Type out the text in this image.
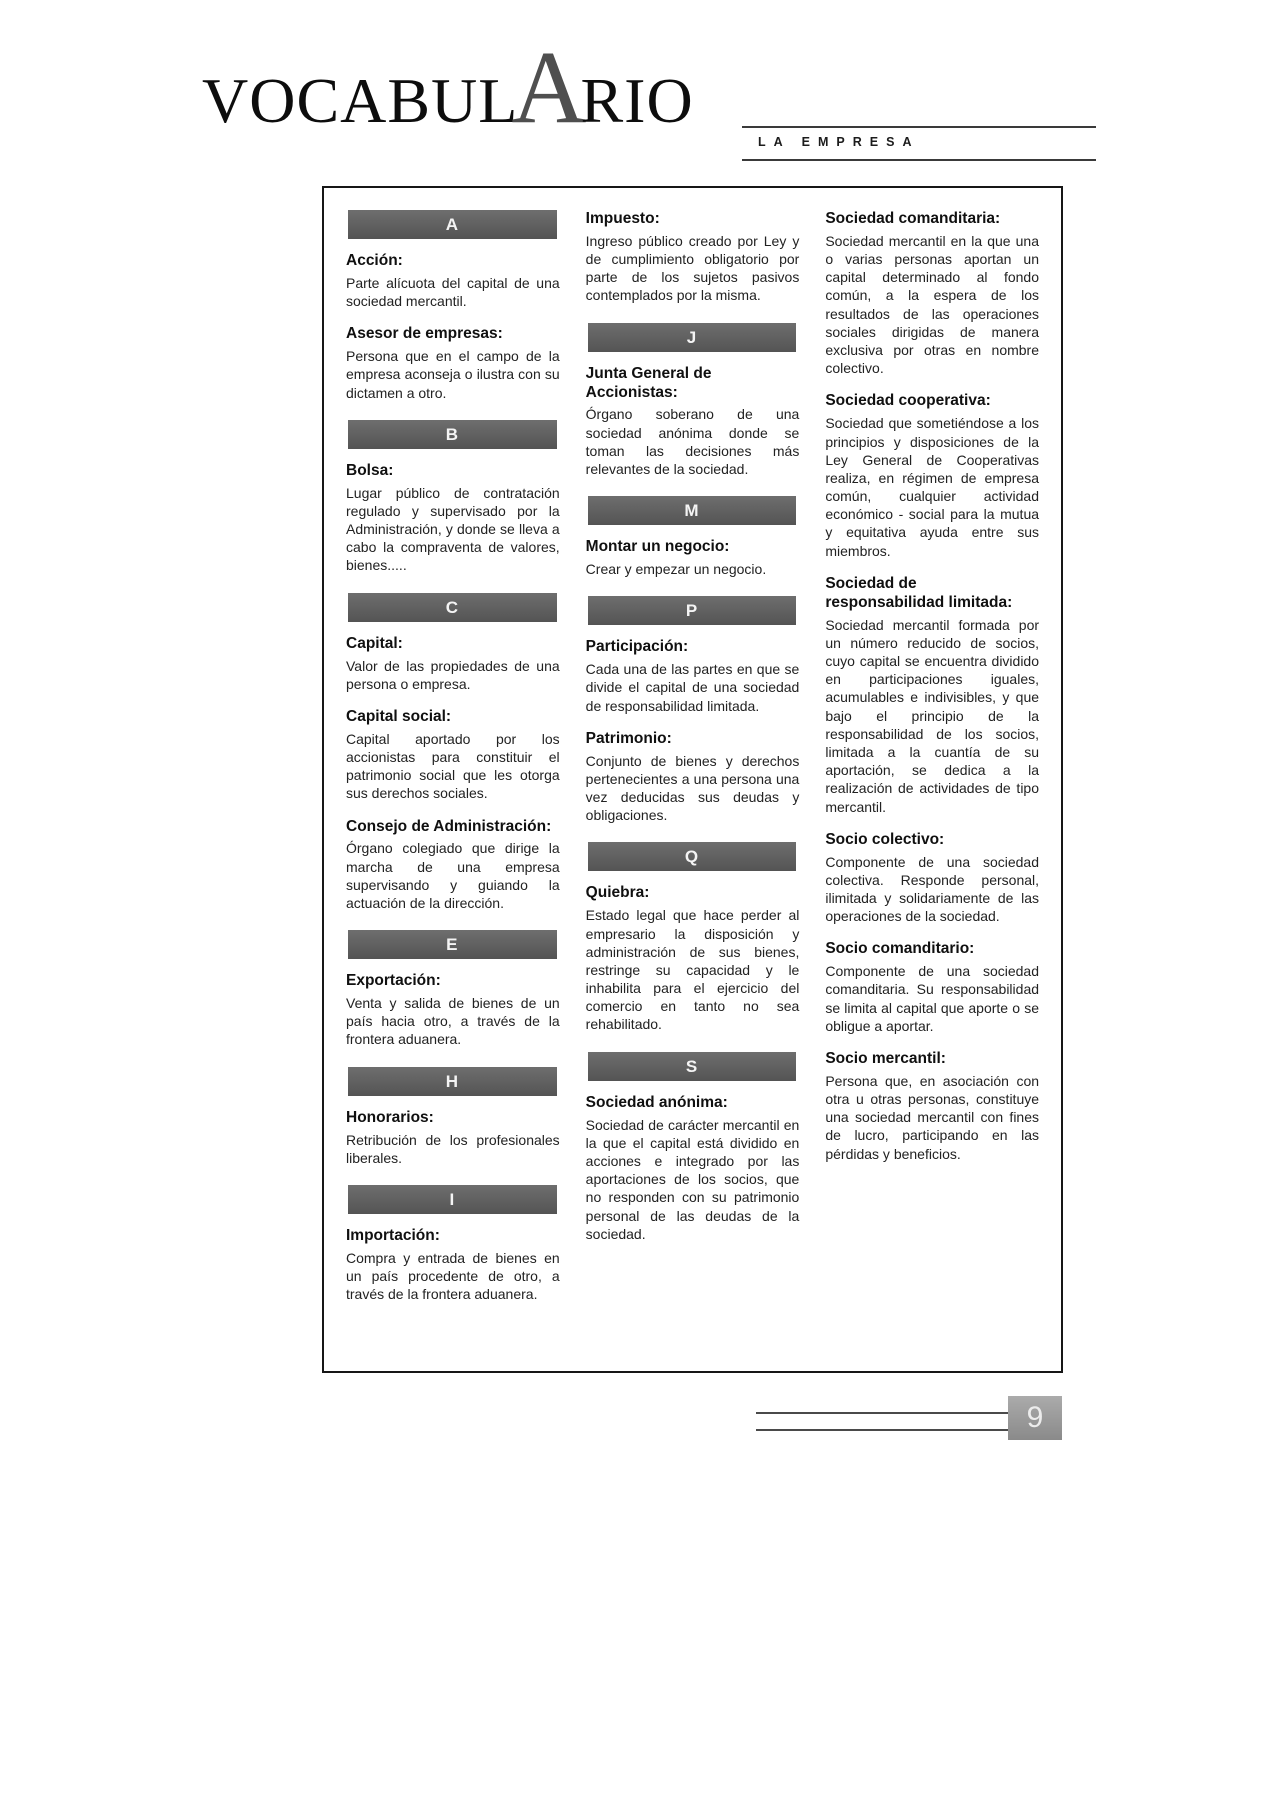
VOCABULARIO
LA EMPRESA
A
Acción:

Parte alícuota del capital de una sociedad mercantil.

Asesor de empresas:

Persona que en el campo de la empresa aconseja o ilustra con su dictamen a otro.

B
Bolsa:

Lugar público de contratación regulado y supervisado por la Administración, y donde se lleva a cabo la compraventa de valores, bienes.....

C
Capital:

Valor de las propiedades de una persona o empresa.

Capital social:

Capital aportado por los accionistas para constituir el patrimonio social que les otorga sus derechos sociales.

Consejo de Administración:

Órgano colegiado que dirige la marcha de una empresa supervisando y guiando la actuación de la dirección.

E
Exportación:

Venta y salida de bienes de un país hacia otro, a través de la frontera aduanera.

H
Honorarios:

Retribución de los profesionales liberales.

I
Importación:

Compra y entrada de bienes en un país procedente de otro, a través de la frontera aduanera.

Impuesto:

Ingreso público creado por Ley y de cumplimiento obligatorio por parte de los sujetos pasivos contemplados por la misma.

J
Junta General de Accionistas:

Órgano soberano de una sociedad anónima donde se toman las decisiones más relevantes de la sociedad.

M
Montar un negocio:

Crear y empezar un negocio.

P
Participación:

Cada una de las partes en que se divide el capital de una sociedad de responsabilidad limitada.

Patrimonio:

Conjunto de bienes y derechos pertenecientes a una persona una vez deducidas sus deudas y obligaciones.

Q
Quiebra:

Estado legal que hace perder al empresario la disposición y administración de sus bienes, restringe su capacidad y le inhabilita para el ejercicio del comercio en tanto no sea rehabilitado.

S
Sociedad anónima:

Sociedad de carácter mercantil en la que el capital está dividido en acciones e integrado por las aportaciones de los socios, que no responden con su patrimonio personal de las deudas de la sociedad.

Sociedad comanditaria:

Sociedad mercantil en la que una o varias personas aportan un capital determinado al fondo común, a la espera de los resultados de las operaciones sociales dirigidas de manera exclusiva por otras en nombre colectivo.

Sociedad cooperativa:

Sociedad que sometiéndose a los principios y disposiciones de la Ley General de Cooperativas realiza, en régimen de empresa común, cualquier actividad económico - social para la mutua y equitativa ayuda entre sus miembros.

Sociedad de responsabilidad limitada:

Sociedad mercantil formada por un número reducido de socios, cuyo capital se encuentra dividido en participaciones iguales, acumulables e indivisibles, y que bajo el principio de la responsabilidad de los socios, limitada a la cuantía de su aportación, se dedica a la realización de actividades de tipo mercantil.

Socio colectivo:

Componente de una sociedad colectiva. Responde personal, ilimitada y solidariamente de las operaciones de la sociedad.

Socio comanditario:

Componente de una sociedad comanditaria. Su responsabilidad se limita al capital que aporte o se obligue a aportar.

Socio mercantil:

Persona que, en asociación con otra u otras personas, constituye una sociedad mercantil con fines de lucro, participando en las pérdidas y beneficios.

9
